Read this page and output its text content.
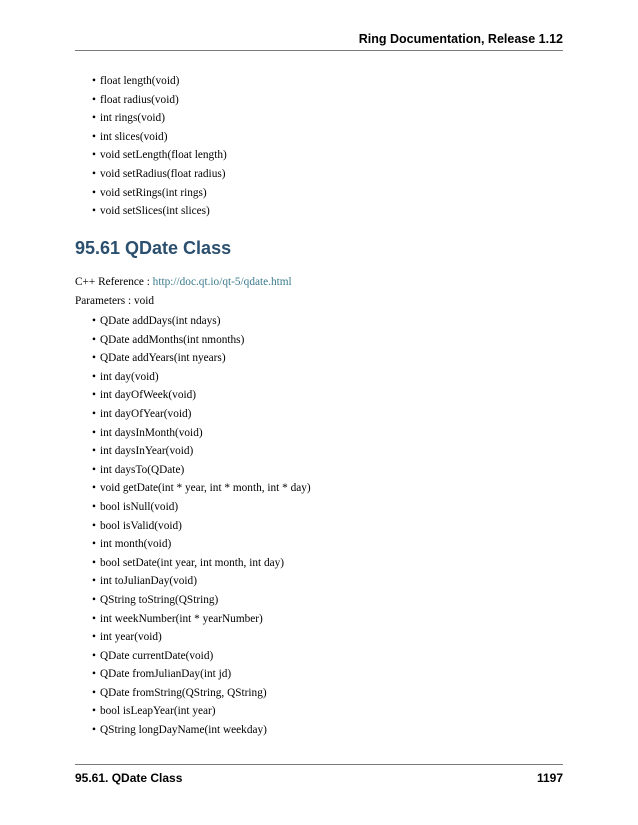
Ring Documentation, Release 1.12
• float length(void)
• float radius(void)
• int rings(void)
• int slices(void)
• void setLength(float length)
• void setRadius(float radius)
• void setRings(int rings)
• void setSlices(int slices)
95.61 QDate Class

C++ Reference : http://doc.qt.io/qt-5/qdate.html

Parameters : void

• QDate addDays(int ndays)
• QDate addMonths(int nmonths)
• QDate addYears(int nyears)
• int day(void)
• int dayOfWeek(void)
• int dayOfYear(void)
• int daysInMonth(void)
• int daysInYear(void)
• int daysTo(QDate)
• void getDate(int * year, int * month, int * day)
• bool isNull(void)
• bool isValid(void)
• int month(void)
• bool setDate(int year, int month, int day)
• int toJulianDay(void)
• QString toString(QString)
• int weekNumber(int * yearNumber)
• int year(void)
• QDate currentDate(void)
• QDate fromJulianDay(int jd)
• QDate fromString(QString, QString)
• bool isLeapYear(int year)
• QString longDayName(int weekday)
95.61. QDate Class	1197
